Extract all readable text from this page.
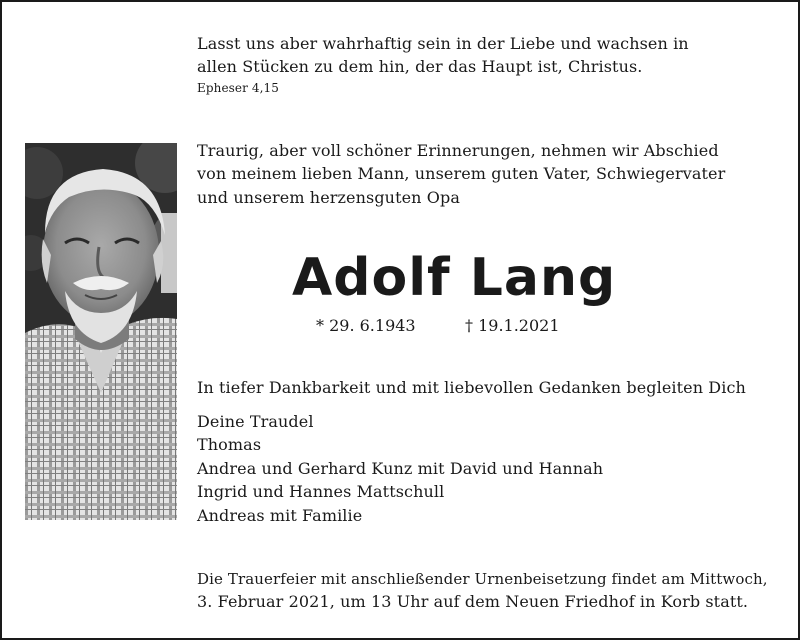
Lasst uns aber wahrhaftig sein in der Liebe und wachsen in
allen Stücken zu dem hin, der das Haupt ist, Christus.
Epheser 4,15
Traurig, aber voll schöner Erinnerungen, nehmen wir Abschied
von meinem lieben Mann, unserem guten Vater, Schwiegervater
und unserem herzensguten Opa
Adolf Lang
* 29. 6.1943	† 19.1.2021
In tiefer Dankbarkeit und mit liebevollen Gedanken begleiten Dich
Deine Traudel
Thomas
Andrea und Gerhard Kunz mit David und Hannah
Ingrid und Hannes Mattschull
Andreas mit Familie
Die Trauerfeier mit anschließender Urnenbeisetzung findet am Mittwoch,
3. Februar 2021, um 13 Uhr auf dem Neuen Friedhof in Korb statt.
